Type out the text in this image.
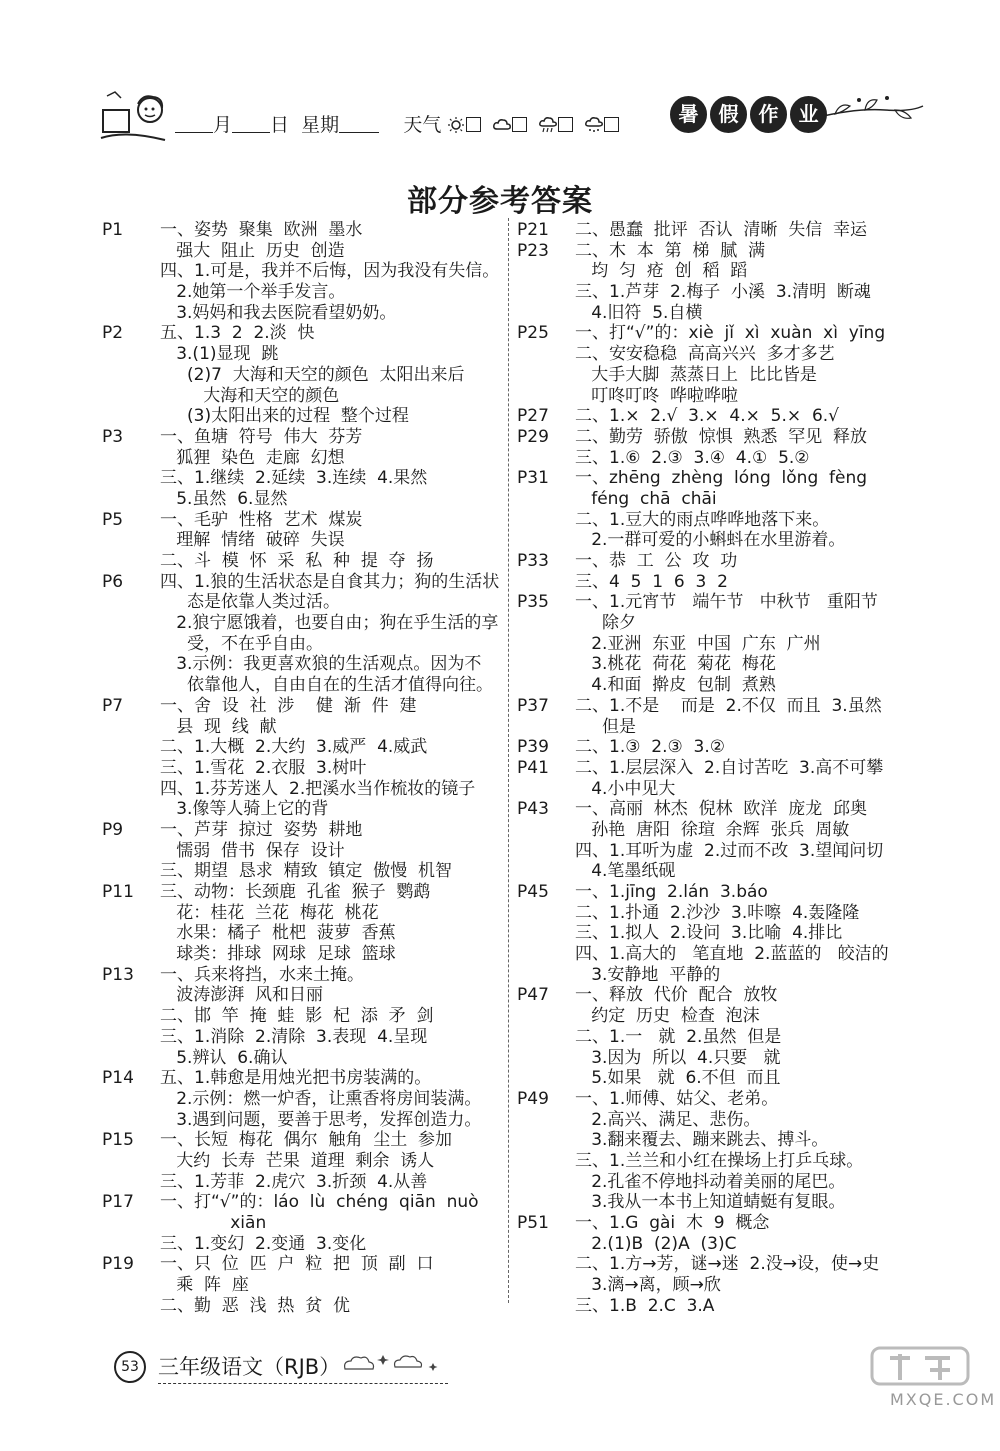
月 日 星期	天气	暑	假	作	业
部分参考答案
P1 一、姿势  聚集  欧洲  墨水
强大  阻止  历史  创造
四、1.可是，我并不后悔，因为我没有失信。
2.她第一个举手发言。
3.妈妈和我去医院看望奶奶。
P2 五、1.3  2  2.淡  快
3.(1)显现  跳
(2)7  大海和天空的颜色  太阳出来后
大海和天空的颜色
(3)太阳出来的过程  整个过程
P3 一、鱼塘  符号  伟大  芬芳
狐狸  染色  走廊  幻想
三、1.继续  2.延续  3.连续  4.果然
5.虽然  6.显然
P5 一、毛驴  性格  艺术  煤炭
理解  情绪  破碎  失误
二、斗  模  怀  采  私  种  提  夺  扬
P6 四、1.狼的生活状态是自食其力；狗的生活状
态是依靠人类过活。
2.狼宁愿饿着，也要自由；狗在乎生活的享
受，不在乎自由。
3.示例：我更喜欢狼的生活观点。因为不
依靠他人，自由自在的生活才值得向往。
P7 一、舍  设  社  涉    健  渐  件  建
县  现  线  献
二、1.大概  2.大约  3.威严  4.威武
三、1.雪花  2.衣服  3.树叶
四、1.芬芳迷人  2.把溪水当作梳妆的镜子
3.像等人骑上它的背
P9 一、芦芽  掠过  姿势  耕地
懦弱  借书  保存  设计
三、期望  恳求  精致  镇定  傲慢  机智
P11 三、动物：长颈鹿  孔雀  猴子  鹦鹉
花：桂花  兰花  梅花  桃花
水果：橘子  枇杷  菠萝  香蕉
球类：排球  网球  足球  篮球
P13 一、兵来将挡，水来土掩。
波涛澎湃  风和日丽
二、邯  竿  掩  蛙  影  杞  添  矛  剑
三、1.消除  2.清除  3.表现  4.呈现
5.辨认  6.确认
P14 五、1.韩愈是用烛光把书房装满的。
2.示例：燃一炉香，让熏香将房间装满。
3.遇到问题，要善于思考，发挥创造力。
P15 一、长短  梅花  偶尔  触角  尘土  参加
大约  长寿  芒果  道理  剩余  诱人
三、1.芳菲  2.虎穴  3.折颈  4.从善
P17 一、打“√”的：láo  lù  chéng  qiān  nuò
xiān
三、1.变幻  2.变通  3.变化
P19 一、只  位  匹  户  粒  把  顶  副  口
乘  阵  座
二、勤  恶  浅  热  贫  优
P21 二、愚蠢  批评  否认  清晰  失信  幸运
P23 二、木  本  第  梯  腻  满
均  匀  疮  创  稻  蹈
三、1.芦芽  2.梅子  小溪  3.清明  断魂
4.旧符  5.自横
P25 一、打“√”的：xiè  jǐ  xì  xuàn  xì  yīng
二、安安稳稳  高高兴兴  多才多艺
大手大脚  蒸蒸日上  比比皆是
叮咚叮咚  哗啦哗啦
P27 二、1.×  2.√  3.×  4.×  5.×  6.√
P29 二、勤劳  骄傲  惊惧  熟悉  罕见  释放
三、1.⑥  2.③  3.④  4.①  5.②
P31 一、zhēng  zhèng  lóng  lǒng  fèng
féng  chā  chāi
二、1.豆大的雨点哗哗地落下来。
2.一群可爱的小蝌蚪在水里游着。
P33 一、恭  工  公  攻  功
三、4  5  1  6  3  2
P35 一、1.元宵节   端午节   中秋节   重阳节
除夕
2.亚洲  东亚  中国  广东  广州
3.桃花  荷花  菊花  梅花
4.和面  擀皮  包制  煮熟
P37 二、1.不是    而是  2.不仅  而且  3.虽然
但是
P39 二、1.③  2.③  3.②
P41 二、1.层层深入  2.自讨苦吃  3.高不可攀
4.小中见大
P43 一、高丽  林杰  倪林  欧洋  庞龙  邱奥
孙艳  唐阳  徐瑄  余辉  张兵  周敏
四、1.耳听为虚  2.过而不改  3.望闻问切
4.笔墨纸砚
P45 一、1.jīng  2.lán  3.báo
二、1.扑通  2.沙沙  3.咔嚓  4.轰隆隆
三、1.拟人  2.设问  3.比喻  4.排比
四、1.高大的   笔直地  2.蓝蓝的   皎洁的
3.安静地  平静的
P47 一、释放  代价  配合  放牧
约定  历史  检查  泡沫
二、1.一   就  2.虽然  但是
3.因为  所以  4.只要   就
5.如果   就  6.不但  而且
P49 一、1.师傅、姑父、老弟。
2.高兴、满足、悲伤。
3.翻来覆去、蹦来跳去、搏斗。
三、1.兰兰和小红在操场上打乒乓球。
2.孔雀不停地抖动着美丽的尾巴。
3.我从一本书上知道蜻蜓有复眼。
P51 一、1.G  gài  木  9  概念
2.(1)B  (2)A  (3)C
二、1.方→芳，谜→迷  2.没→设，使→史
3.漓→离，顾→欣
三、1.B  2.C  3.A
53 三年级语文（RJB）
MXQE.COM
